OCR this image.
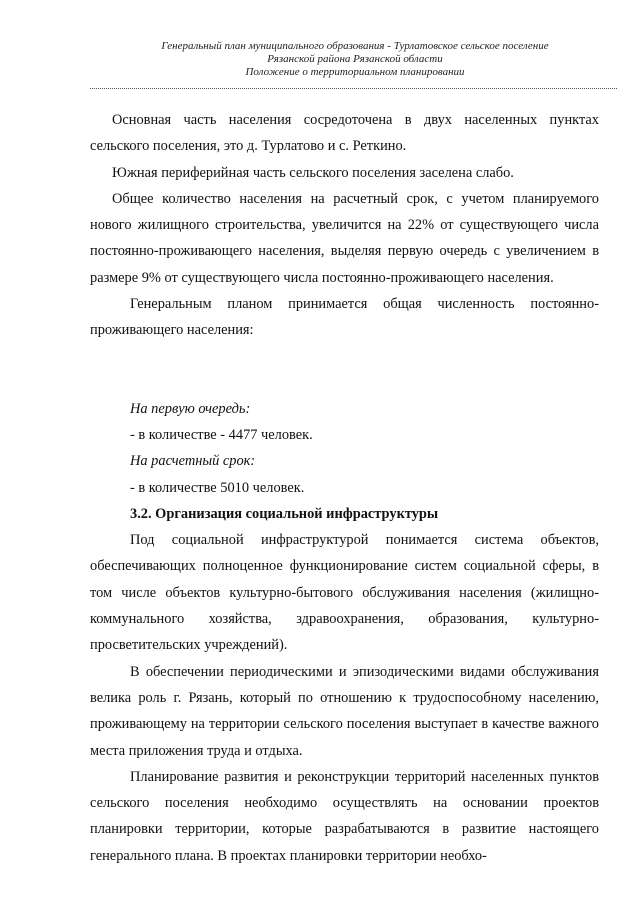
Генеральный план муниципального образования - Турлатовское сельское поселение
Рязанской района Рязанской области
Положение о территориальном планировании

Основная часть населения сосредоточена в двух населенных пунктах сельского поселения, это д. Турлатово и с. Реткино.

Южная периферийная часть сельского поселения заселена слабо.

Общее количество населения на расчетный срок, с учетом планируемого нового жилищного строительства, увеличится на 22% от существующего числа постоянно-проживающего населения, выделяя первую очередь с увеличением в размере 9% от существующего числа постоянно-проживающего населения.

Генеральным планом принимается общая численность постоянно-проживающего населения:

На первую очередь:

- в количестве - 4477 человек.

На расчетный срок:

- в количестве 5010 человек.

3.2. Организация социальной инфраструктуры

Под социальной инфраструктурой понимается система объектов, обеспечивающих полноценное функционирование систем социальной сферы, в том числе объектов культурно-бытового обслуживания населения (жилищно-коммунального хозяйства, здравоохранения, образования, культурно-просветительских учреждений).

В обеспечении периодическими и эпизодическими видами обслуживания велика роль г. Рязань, который по отношению к трудоспособному населению, проживающему на территории сельского поселения выступает в качестве важного места приложения труда и отдыха.

Планирование развития и реконструкции территорий населенных пунктов сельского поселения необходимо осуществлять на основании проектов планировки территории, которые разрабатываются в развитие настоящего генерального плана. В проектах планировки территории необхо-
